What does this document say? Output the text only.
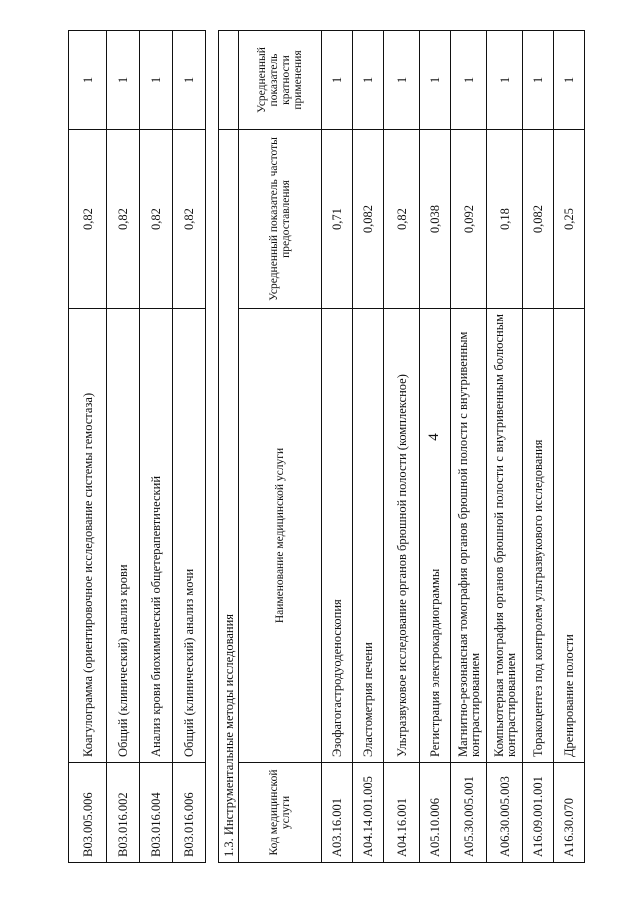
4
B03.005.006	Коагулограмма (ориентировочное исследование системы гемостаза)	0,82	1
B03.016.002	Общий (клинический) анализ крови	0,82	1
B03.016.004	Анализ крови биохимический общетерапевтический	0,82	1
B03.016.006	Общий (клинический) анализ мочи	0,82	1
1.3. Инструментальные методы исследования			
Код медицинской услуги	Наименование медицинской услуги	Усредненный показатель частоты предоставления	Усредненный показатель кратности применения
A03.16.001	Эзофагогастродуоденоскопия	0,71	1
A04.14.001.005	Эластометрия печени	0,082	1
A04.16.001	Ультразвуковое исследование органов брюшной полости (комплексное)	0,82	1
A05.10.006	Регистрация электрокардиограммы	0,038	1
A05.30.005.001	Магнитно-резонансная томография органов брюшной полости с внутривенным контрастированием	0,092	1
A06.30.005.003	Компьютерная томография органов брюшной полости с внутривенным болюсным контрастированием	0,18	1
A16.09.001.001	Торакоцентез под контролем ультразвукового исследования	0,082	1
A16.30.070	Дренирование полости	0,25	1
